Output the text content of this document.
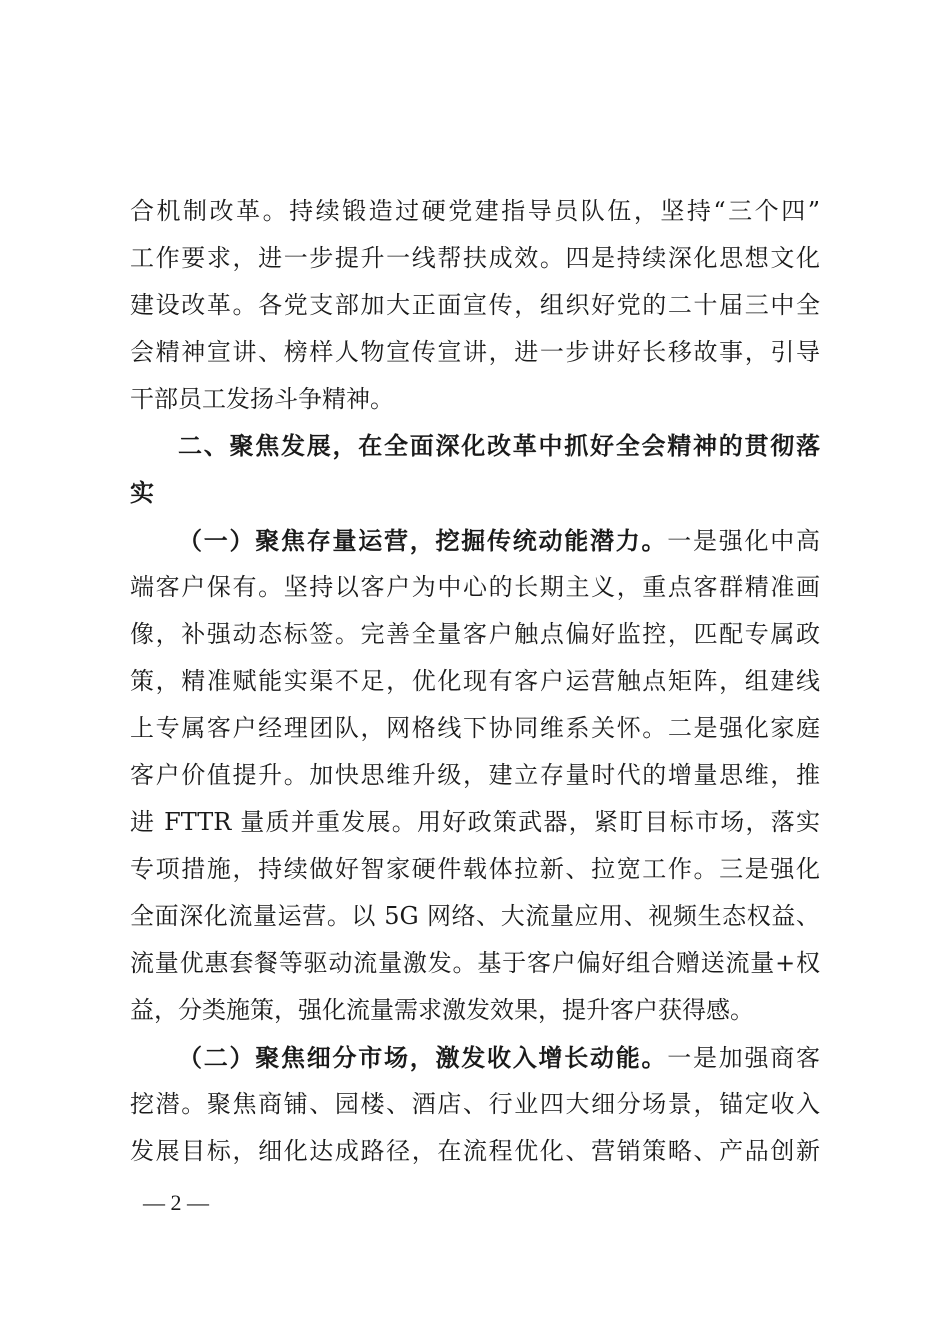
合机制改革。持续锻造过硬党建指导员队伍，坚持“三个四”
工作要求，进一步提升一线帮扶成效。四是持续深化思想文化
建设改革。各党支部加大正面宣传，组织好党的二十届三中全
会精神宣讲、榜样人物宣传宣讲，进一步讲好长移故事，引导
干部员工发扬斗争精神。
二、聚焦发展，在全面深化改革中抓好全会精神的贯彻落
实
（一）聚焦存量运营，挖掘传统动能潜力。一是强化中高
端客户保有。坚持以客户为中心的长期主义，重点客群精准画
像，补强动态标签。完善全量客户触点偏好监控，匹配专属政
策，精准赋能实渠不足，优化现有客户运营触点矩阵，组建线
上专属客户经理团队，网格线下协同维系关怀。二是强化家庭
客户价值提升。加快思维升级，建立存量时代的增量思维，推
进 FTTR 量质并重发展。用好政策武器，紧盯目标市场，落实
专项措施，持续做好智家硬件载体拉新、拉宽工作。三是强化
全面深化流量运营。以 5G 网络、大流量应用、视频生态权益、
流量优惠套餐等驱动流量激发。基于客户偏好组合赠送流量+权
益，分类施策，强化流量需求激发效果，提升客户获得感。
（二）聚焦细分市场，激发收入增长动能。一是加强商客
挖潜。聚焦商铺、园楼、酒店、行业四大细分场景，锚定收入
发展目标，细化达成路径，在流程优化、营销策略、产品创新
— 2 —
